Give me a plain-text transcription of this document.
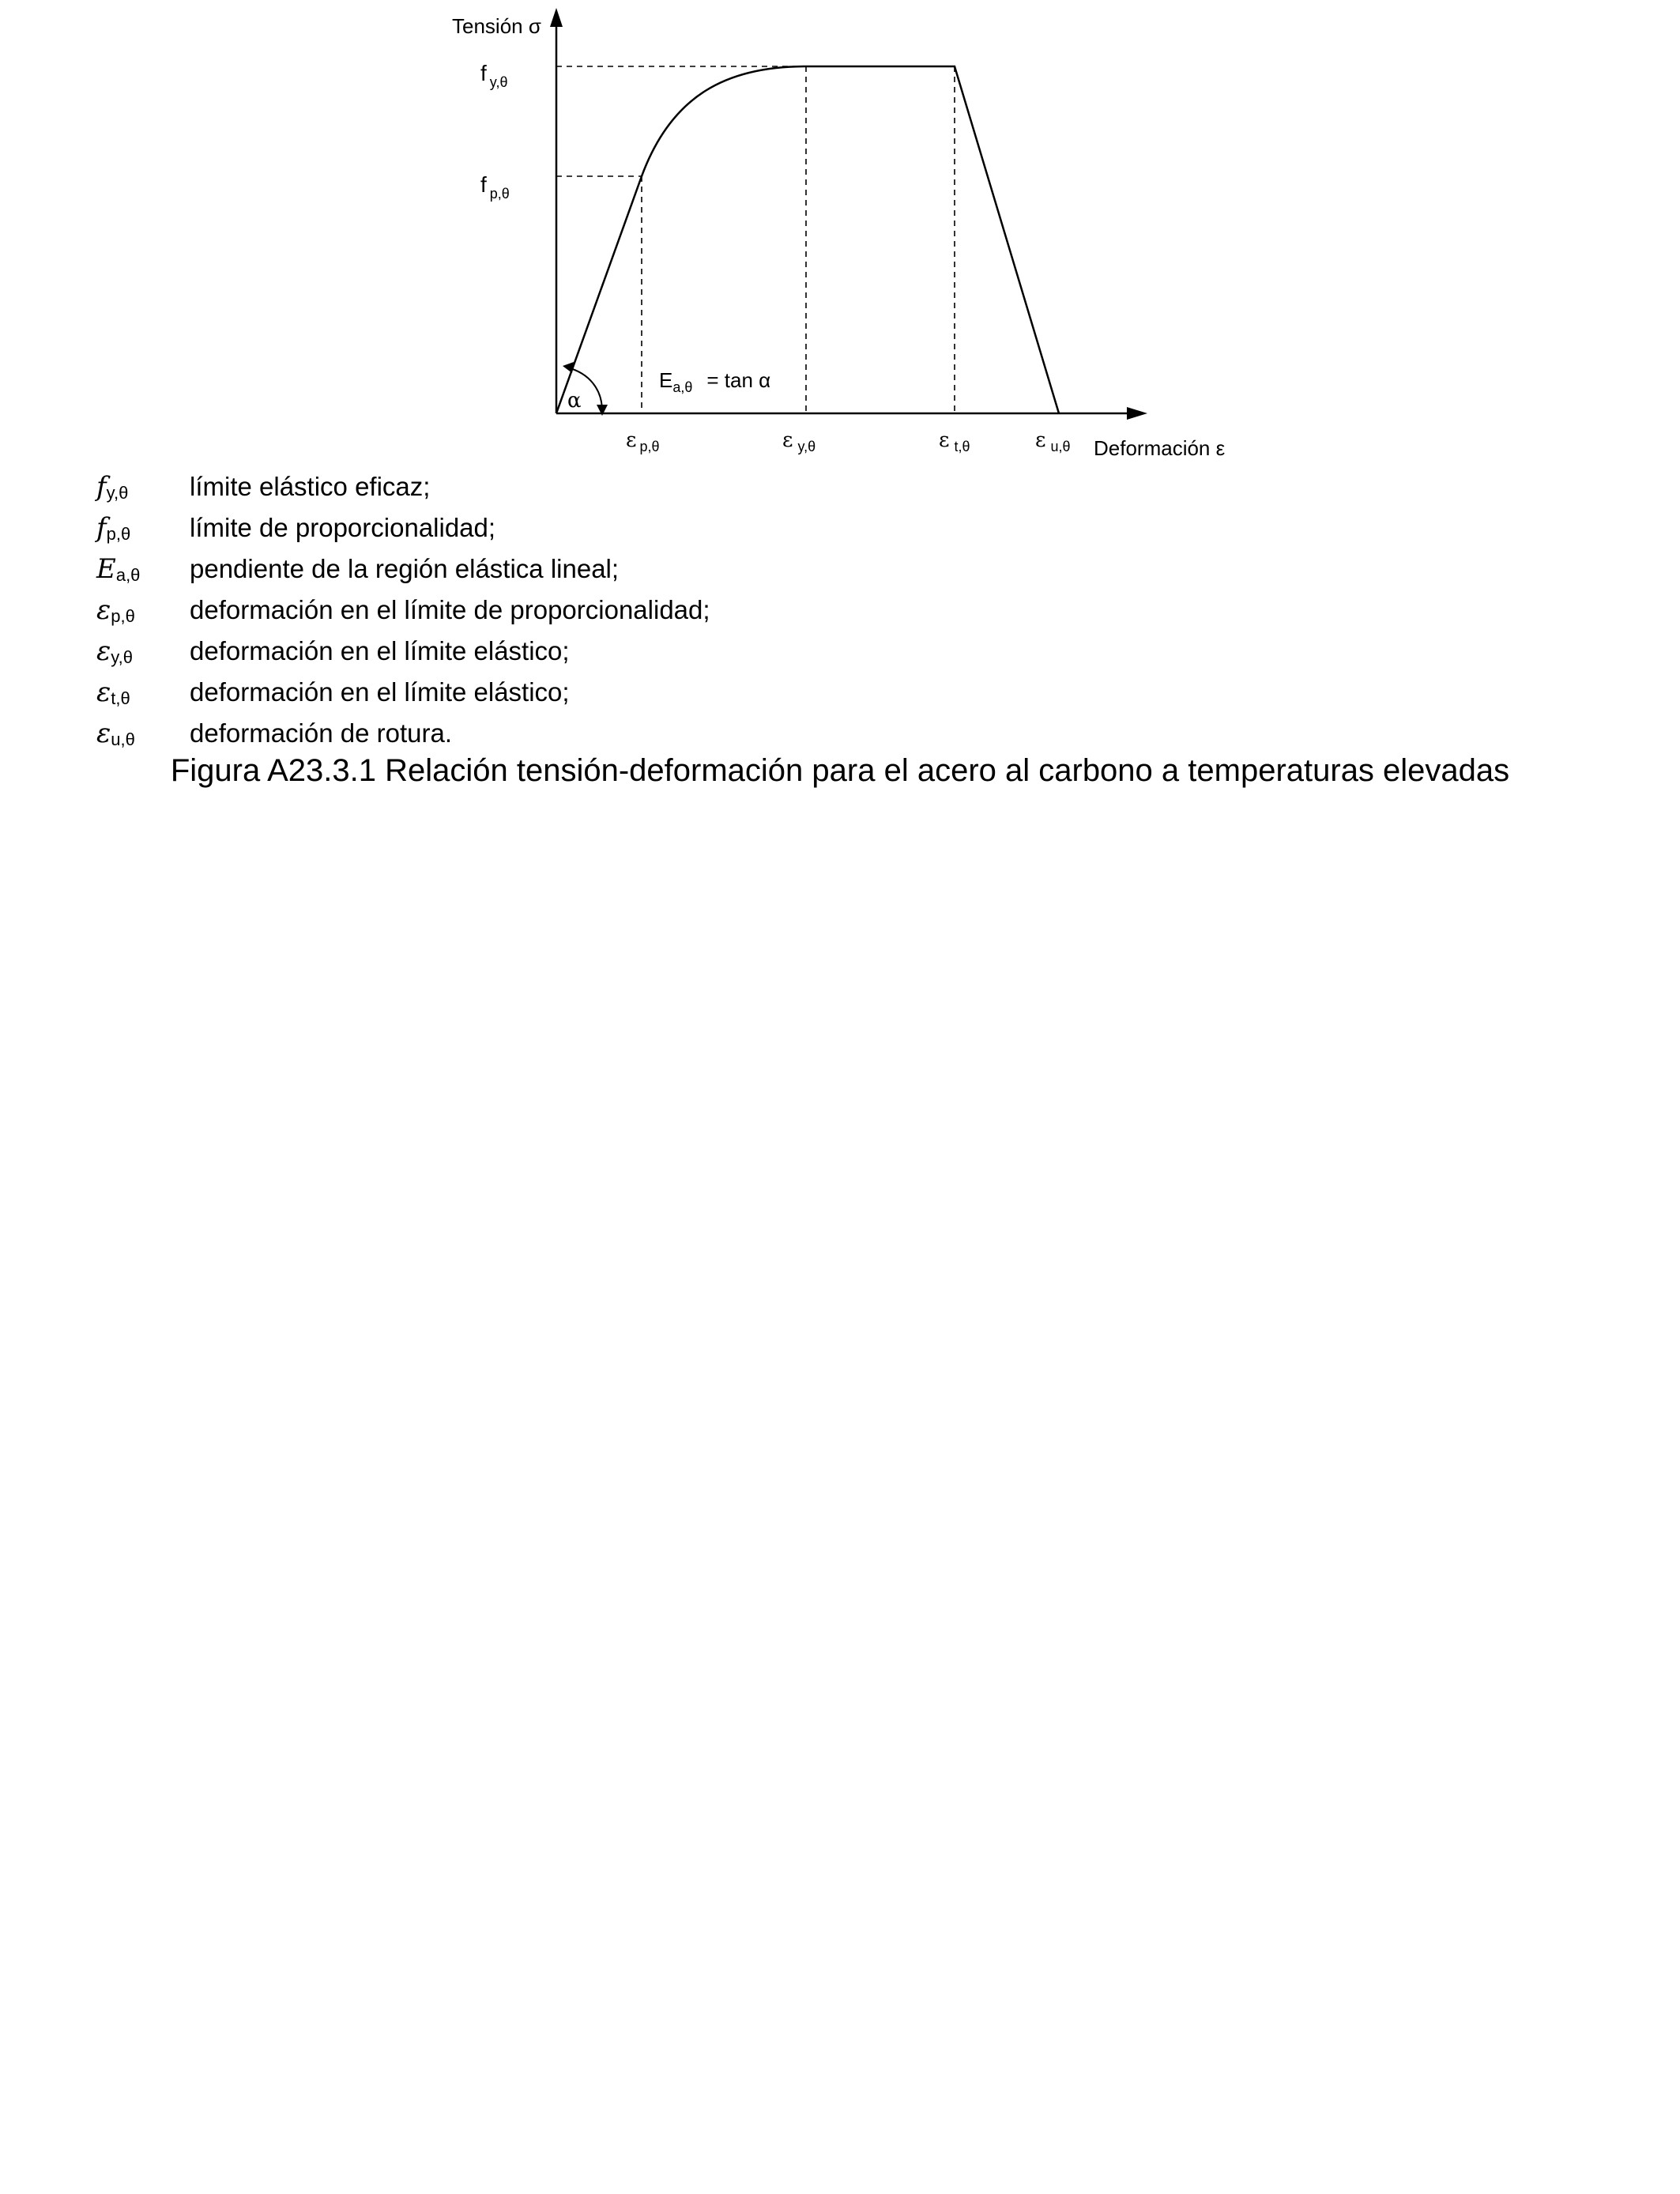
α
$E_{a,\theta} = \tan \alpha$
Tensión σ
Deformación ε
f $_{y,\theta}$
f $_{p,\theta}$
ε $_{p,\theta}$	ε $_{y,\theta}$	ε $_{t,\theta}$	ε $_{u,\theta}$
$f_{y,\theta}$ límite elástico eficaz;
$f_{p,\theta}$ límite de proporcionalidad;
$E_{a,\theta}$ pendiente de la región elástica lineal;
$\varepsilon_{p,\theta}$ deformación en el límite de proporcionalidad;
$\varepsilon_{y,\theta}$ deformación en el límite elástico;
$\varepsilon_{t,\theta}$ deformación en el límite elástico;
$\varepsilon_{u,\theta}$ deformación de rotura.
Figura A23.3.1 Relación tensión-deformación para el acero al carbono a temperaturas elevadas
